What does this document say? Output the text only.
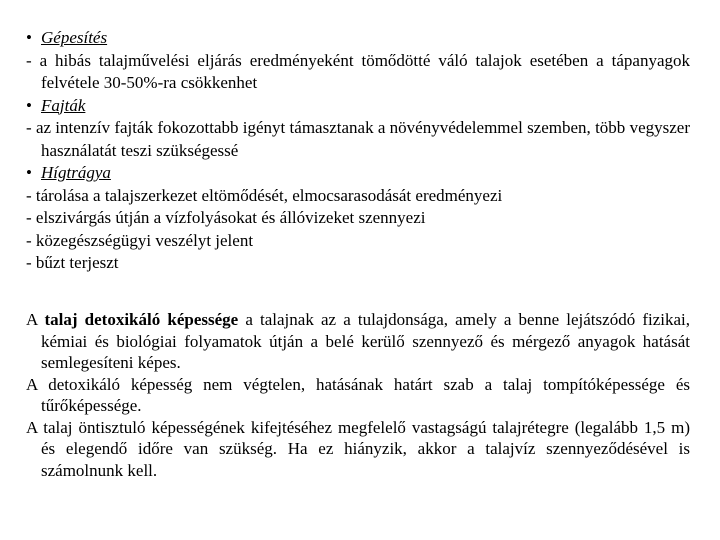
• Gépesítés
- a hibás talajművelési eljárás eredményeként tömődötté váló talajok esetében a tápanyagok felvétele 30-50%-ra csökkenhet
• Fajták
- az intenzív fajták fokozottabb igényt támasztanak a növényvédelemmel szemben, több vegyszer használatát teszi szükségessé
• Hígtrágya
- tárolása a talajszerkezet eltömődését, elmocsarasodását eredményezi
- elszivárgás útján a vízfolyásokat és állóvizeket szennyezi
- közegészségügyi veszélyt jelent
- bűzt terjeszt
A talaj detoxikáló képessége a talajnak az a tulajdonsága, amely a benne lejátszódó fizikai, kémiai és biológiai folyamatok útján a belé kerülő szennyező és mérgező anyagok hatását semlegesíteni képes.
A detoxikáló képesség nem végtelen, hatásának határt szab a talaj tompítóképessége és tűrőképessége.
A talaj öntisztuló képességének kifejtéséhez megfelelő vastagságú talajrétegre (legalább 1,5 m) és elegendő időre van szükség. Ha ez hiányzik, akkor a talajvíz szennyeződésével is számolnunk kell.
